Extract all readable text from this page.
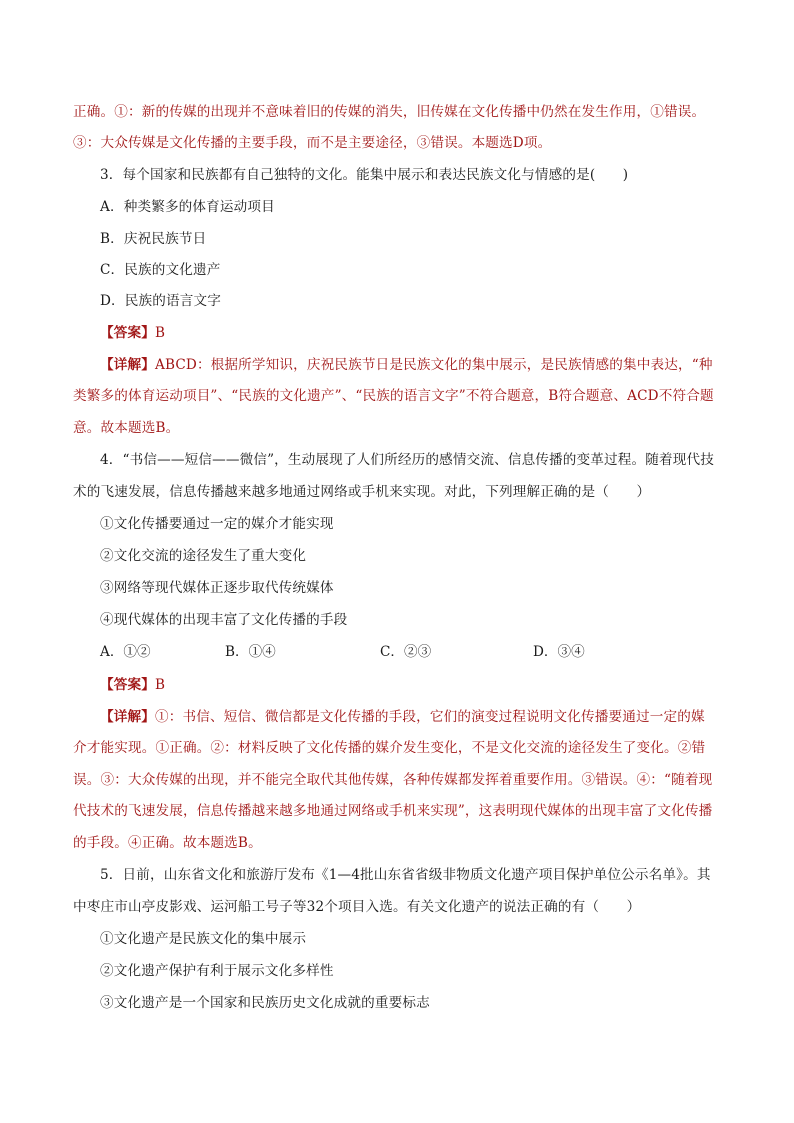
正确。①：新的传媒的出现并不意味着旧的传媒的消失，旧传媒在文化传播中仍然在发生作用，①错误。
③：大众传媒是文化传播的主要手段，而不是主要途径，③错误。本题选D项。
3．每个国家和民族都有自己独特的文化。能集中展示和表达民族文化与情感的是(　　)
A．种类繁多的体育运动项目
B．庆祝民族节日
C．民族的文化遗产
D．民族的语言文字
【答案】B
【详解】ABCD：根据所学知识，庆祝民族节日是民族文化的集中展示，是民族情感的集中表达，“种
类繁多的体育运动项目”、“民族的文化遗产”、“民族的语言文字”不符合题意，B符合题意、ACD不符合题
意。故本题选B。
4．“书信——短信——微信”，生动展现了人们所经历的感情交流、信息传播的变革过程。随着现代技
术的飞速发展，信息传播越来越多地通过网络或手机来实现。对此，下列理解正确的是（　　）
①文化传播要通过一定的媒介才能实现
②文化交流的途径发生了重大变化
③网络等现代媒体正逐步取代传统媒体
④现代媒体的出现丰富了文化传播的手段
A．①②	B．①④	C．②③	D．③④
【答案】B
【详解】①：书信、短信、微信都是文化传播的手段，它们的演变过程说明文化传播要通过一定的媒
介才能实现。①正确。②：材料反映了文化传播的媒介发生变化，不是文化交流的途径发生了变化。②错
误。③：大众传媒的出现，并不能完全取代其他传媒，各种传媒都发挥着重要作用。③错误。④：“随着现
代技术的飞速发展，信息传播越来越多地通过网络或手机来实现”，这表明现代媒体的出现丰富了文化传播
的手段。④正确。故本题选B。
5．日前，山东省文化和旅游厅发布《1—4批山东省省级非物质文化遗产项目保护单位公示名单》。其
中枣庄市山亭皮影戏、运河船工号子等32个项目入选。有关文化遗产的说法正确的有（　　）
①文化遗产是民族文化的集中展示
②文化遗产保护有利于展示文化多样性
③文化遗产是一个国家和民族历史文化成就的重要标志
